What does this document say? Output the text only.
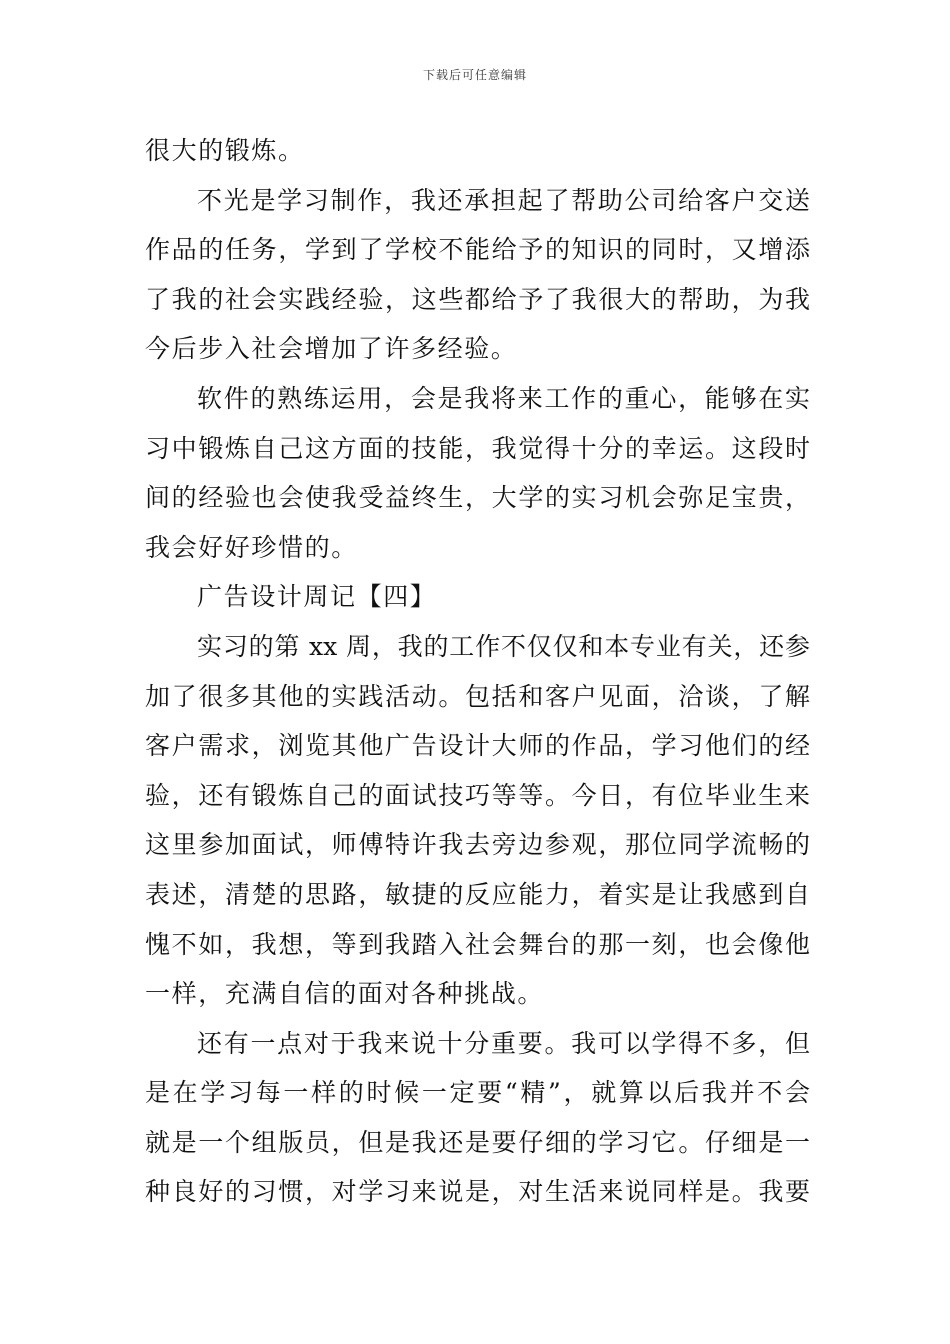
下载后可任意编辑
很大的锻炼。
不光是学习制作，我还承担起了帮助公司给客户交送
作品的任务，学到了学校不能给予的知识的同时，又增添
了我的社会实践经验，这些都给予了我很大的帮助，为我
今后步入社会增加了许多经验。
软件的熟练运用，会是我将来工作的重心，能够在实
习中锻炼自己这方面的技能，我觉得十分的幸运。这段时
间的经验也会使我受益终生，大学的实习机会弥足宝贵，
我会好好珍惜的。
广告设计周记【四】
实习的第 xx 周，我的工作不仅仅和本专业有关，还参
加了很多其他的实践活动。包括和客户见面，洽谈，了解
客户需求，浏览其他广告设计大师的作品，学习他们的经
验，还有锻炼自己的面试技巧等等。今日，有位毕业生来
这里参加面试，师傅特许我去旁边参观，那位同学流畅的
表述，清楚的思路，敏捷的反应能力，着实是让我感到自
愧不如，我想，等到我踏入社会舞台的那一刻，也会像他
一样，充满自信的面对各种挑战。
还有一点对于我来说十分重要。我可以学得不多，但
是在学习每一样的时候一定要“精”，就算以后我并不会
就是一个组版员，但是我还是要仔细的学习它。仔细是一
种良好的习惯，对学习来说是，对生活来说同样是。我要
